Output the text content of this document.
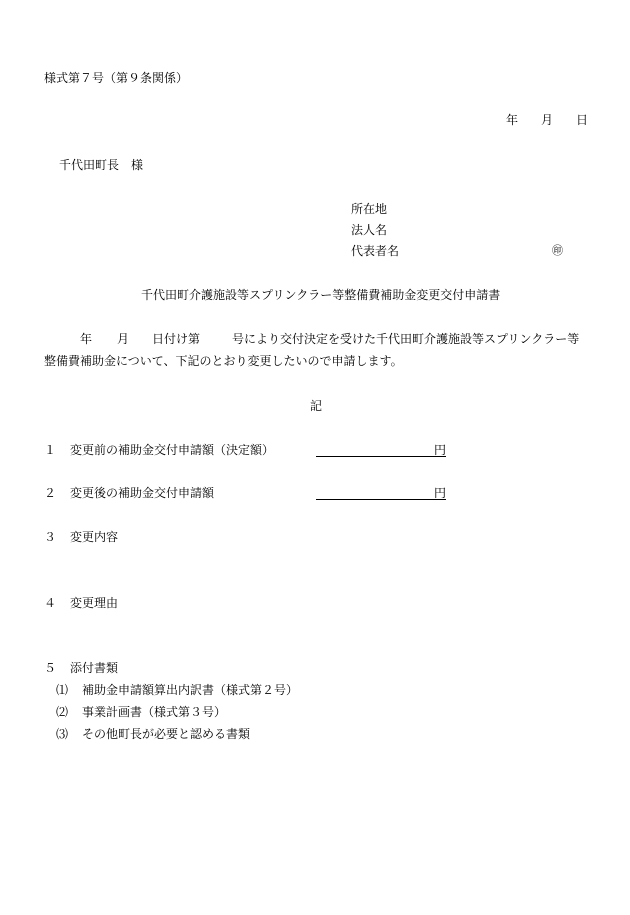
様式第７号（第９条関係）
年 月 日
千代田町長　様
所在地
法人名
代表者名	㊞
千代田町介護施設等スプリンクラー等整備費補助金変更交付申請書
年 月 日付け第	号により交付決定を受けた千代田町介護施設等スプリンクラー等
整備費補助金について、下記のとおり変更したいので申請します。
記
１ 変更前の補助金交付申請額（決定額）	円
２ 変更後の補助金交付申請額	円
３ 変更内容
４ 変更理由
５ 添付書類
⑴ 補助金申請額算出内訳書（様式第２号）
⑵ 事業計画書（様式第３号）
⑶ その他町長が必要と認める書類
